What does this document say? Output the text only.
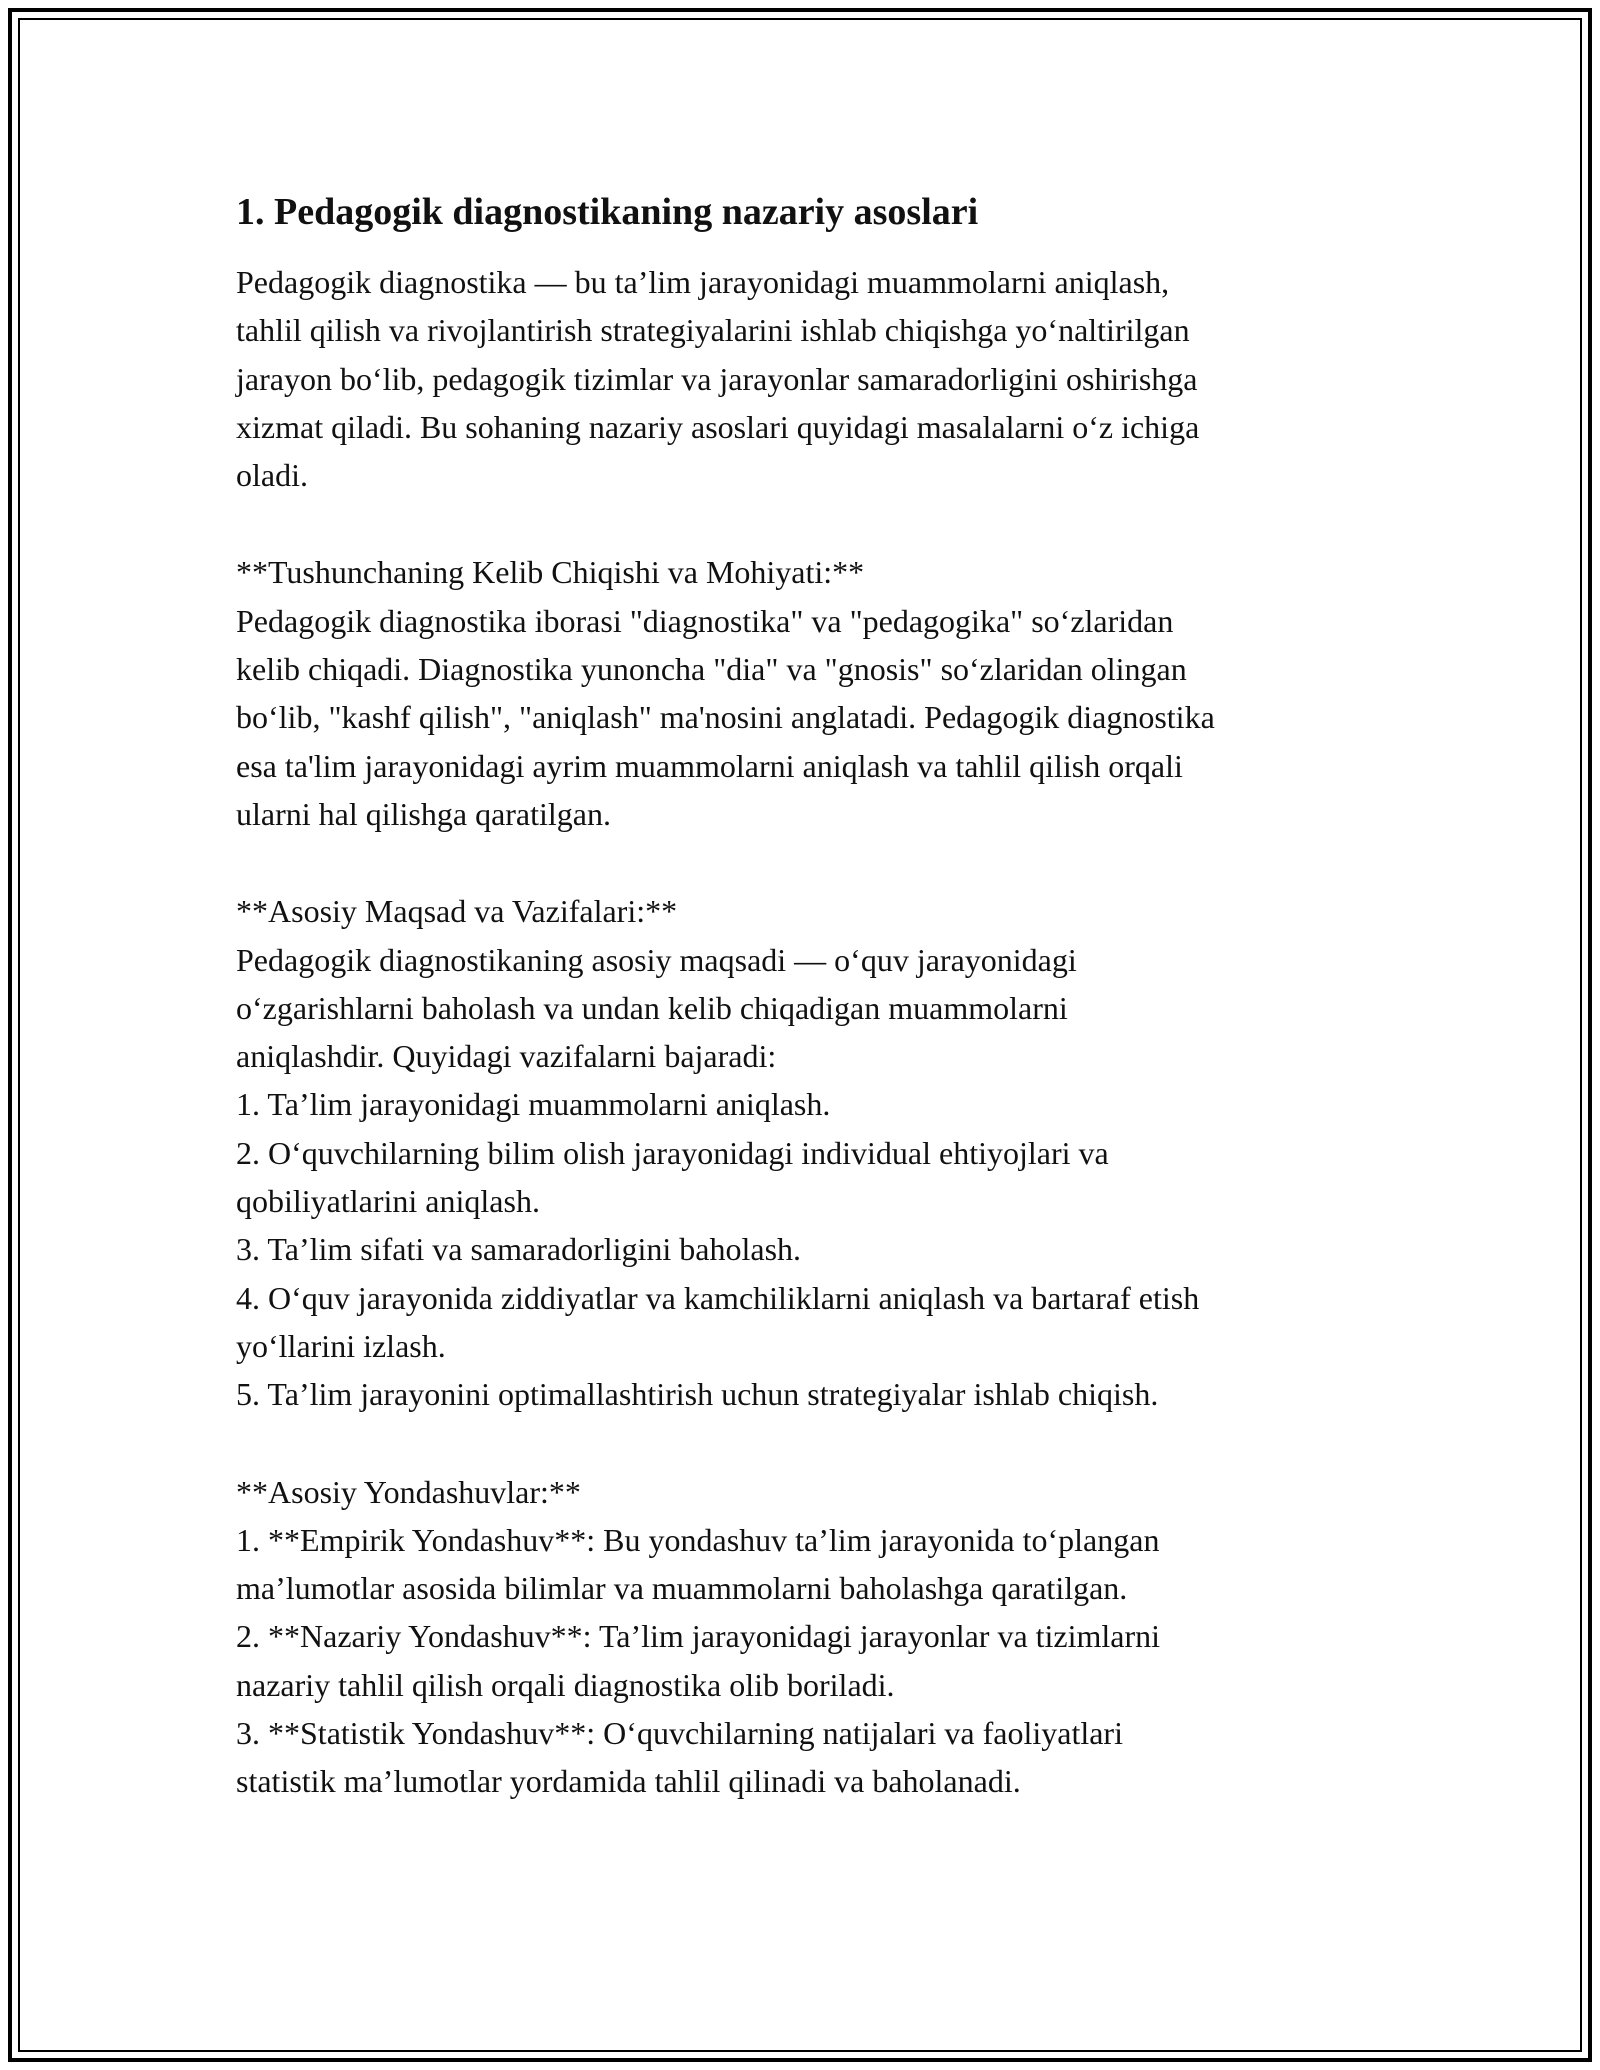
1. Pedagogik diagnostikaning nazariy asoslari
Pedagogik diagnostika — bu ta’lim jarayonidagi muammolarni aniqlash,
tahlil qilish va rivojlantirish strategiyalarini ishlab chiqishga yo‘naltirilgan
jarayon bo‘lib, pedagogik tizimlar va jarayonlar samaradorligini oshirishga
xizmat qiladi. Bu sohaning nazariy asoslari quyidagi masalalarni o‘z ichiga
oladi.
**Tushunchaning Kelib Chiqishi va Mohiyati:**
Pedagogik diagnostika iborasi "diagnostika" va "pedagogika" so‘zlaridan
kelib chiqadi. Diagnostika yunoncha "dia" va "gnosis" so‘zlaridan olingan
bo‘lib, "kashf qilish", "aniqlash" ma'nosini anglatadi. Pedagogik diagnostika
esa ta'lim jarayonidagi ayrim muammolarni aniqlash va tahlil qilish orqali
ularni hal qilishga qaratilgan.
**Asosiy Maqsad va Vazifalari:**
Pedagogik diagnostikaning asosiy maqsadi — o‘quv jarayonidagi
o‘zgarishlarni baholash va undan kelib chiqadigan muammolarni
aniqlashdir. Quyidagi vazifalarni bajaradi:
1. Ta’lim jarayonidagi muammolarni aniqlash.
2. O‘quvchilarning bilim olish jarayonidagi individual ehtiyojlari va
qobiliyatlarini aniqlash.
3. Ta’lim sifati va samaradorligini baholash.
4. O‘quv jarayonida ziddiyatlar va kamchiliklarni aniqlash va bartaraf etish
yo‘llarini izlash.
5. Ta’lim jarayonini optimallashtirish uchun strategiyalar ishlab chiqish.
**Asosiy Yondashuvlar:**
1. **Empirik Yondashuv**: Bu yondashuv ta’lim jarayonida to‘plangan
ma’lumotlar asosida bilimlar va muammolarni baholashga qaratilgan.
2. **Nazariy Yondashuv**: Ta’lim jarayonidagi jarayonlar va tizimlarni
nazariy tahlil qilish orqali diagnostika olib boriladi.
3. **Statistik Yondashuv**: O‘quvchilarning natijalari va faoliyatlari
statistik ma’lumotlar yordamida tahlil qilinadi va baholanadi.
